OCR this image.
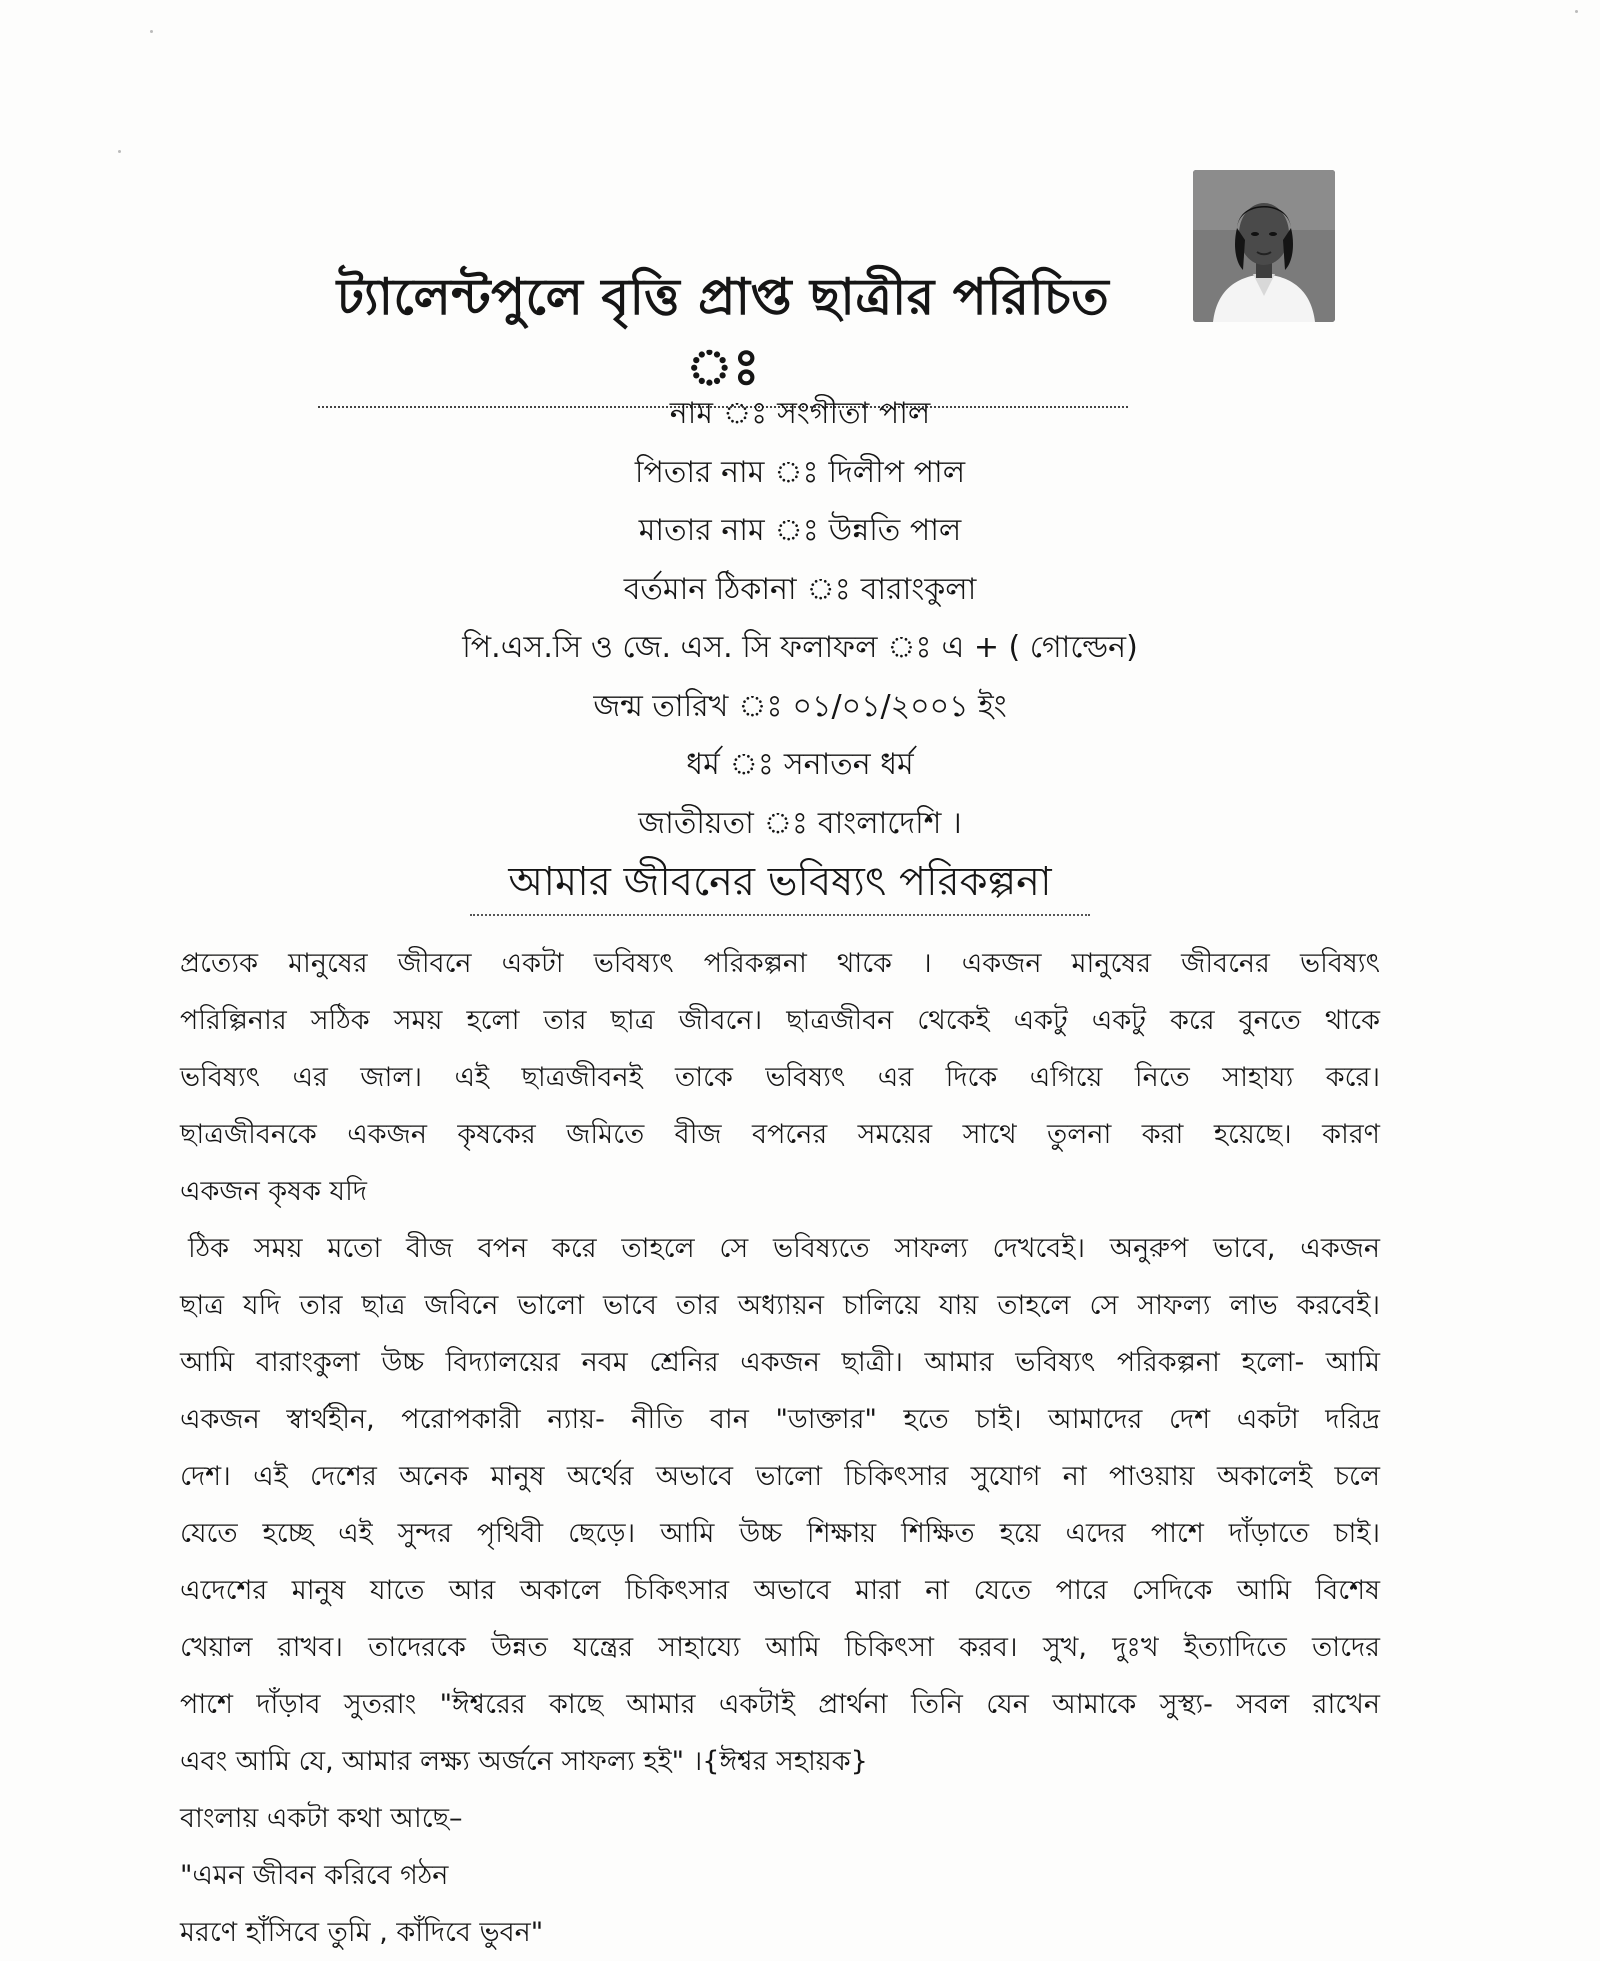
ট্যালেন্টপুলে বৃত্তি প্রাপ্ত ছাত্রীর পরিচিত ঃ
নাম ঃ সংগীতা পাল
পিতার নাম ঃ দিলীপ পাল
মাতার নাম ঃ উন্নতি পাল
বর্তমান ঠিকানা ঃ বারাংকুলা
পি.এস.সি ও জে. এস. সি ফলাফল ঃ এ + ( গোল্ডেন)
জন্ম তারিখ ঃ ০১/০১/২০০১ ইং
ধর্ম ঃ সনাতন ধর্ম
জাতীয়তা ঃ বাংলাদেশি ।
আমার জীবনের ভবিষ্যৎ পরিকল্পনা
প্রত্যেক মানুষের জীবনে একটা ভবিষ্যৎ পরিকল্পনা থাকে । একজন মানুষের জীবনের ভবিষ্যৎ
পরিল্পিনার সঠিক সময় হলো তার ছাত্র জীবনে। ছাত্রজীবন থেকেই একটু একটু করে বুনতে থাকে
ভবিষ্যৎ এর জাল। এই ছাত্রজীবনই তাকে ভবিষ্যৎ এর দিকে এগিয়ে নিতে সাহায্য করে।
ছাত্রজীবনকে একজন কৃষকের জমিতে বীজ বপনের সময়ের সাথে তুলনা করা হয়েছে। কারণ
একজন কৃষক যদি
ঠিক সময় মতো বীজ বপন করে তাহলে সে ভবিষ্যতে সাফল্য দেখবেই। অনুরুপ ভাবে, একজন
ছাত্র যদি তার ছাত্র জবিনে ভালো ভাবে তার অধ্যায়ন চালিয়ে যায় তাহলে সে সাফল্য লাভ করবেই।
আমি বারাংকুলা উচ্চ বিদ্যালয়ের নবম শ্রেনির একজন ছাত্রী। আমার ভবিষ্যৎ পরিকল্পনা হলো- আমি
একজন স্বার্থহীন, পরোপকারী ন্যায়- নীতি বান "ডাক্তার" হতে চাই। আমাদের দেশ একটা দরিদ্র
দেশ। এই দেশের অনেক মানুষ অর্থের অভাবে ভালো চিকিৎসার সুযোগ না পাওয়ায় অকালেই চলে
যেতে হচ্ছে এই সুন্দর পৃথিবী ছেড়ে। আমি উচ্চ শিক্ষায় শিক্ষিত হয়ে এদের পাশে দাঁড়াতে চাই।
এদেশের মানুষ যাতে আর অকালে চিকিৎসার অভাবে মারা না যেতে পারে সেদিকে আমি বিশেষ
খেয়াল রাখব। তাদেরকে উন্নত যন্ত্রের সাহায্যে আমি চিকিৎসা করব। সুখ, দুঃখ ইত্যাদিতে তাদের
পাশে দাঁড়াব সুতরাং "ঈশ্বরের কাছে আমার একটাই প্রার্থনা তিনি যেন আমাকে সুস্থ্য- সবল রাখেন
এবং আমি যে, আমার লক্ষ্য অর্জনে সাফল্য হই" ।{ঈশ্বর সহায়ক}
বাংলায় একটা কথা আছে–
"এমন জীবন করিবে গঠন
মরণে হাঁসিবে তুমি , কাঁদিবে ভুবন"
